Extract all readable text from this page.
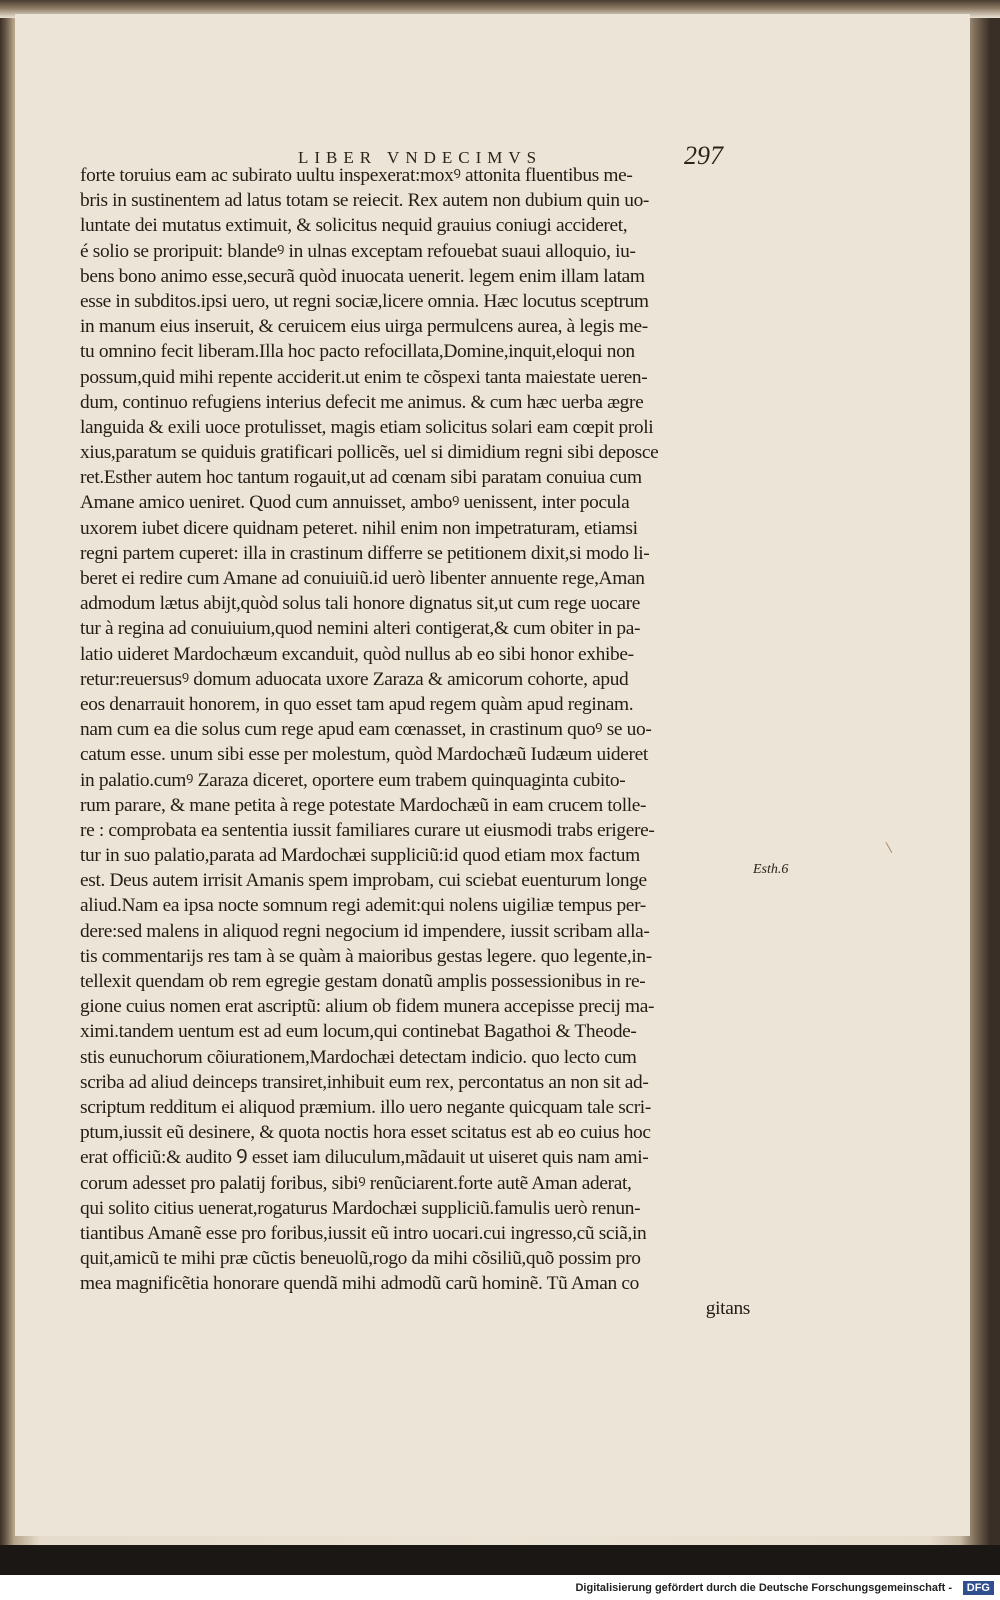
LIBER VNDECIMVS	297
forte toruius eam ac subirato uultu inspexerat:moxꝰ attonita fluentibus me-
bris in sustinentem ad latus totam se reiecit. Rex autem non dubium quin uo-
luntate dei mutatus extimuit, & solicitus nequid grauius coniugi accideret,
é solio se proripuit: blandeꝰ in ulnas exceptam refouebat suaui alloquio, iu-
bens bono animo esse,securã quòd inuocata uenerit. legem enim illam latam
esse in subditos.ipsi uero, ut regni sociæ,licere omnia. Hæc locutus sceptrum
in manum eius inseruit, & ceruicem eius uirga permulcens aurea, à legis me-
tu omnino fecit liberam.Illa hoc pacto refocillata,Domine,inquit,eloqui non
possum,quid mihi repente acciderit.ut enim te cõspexi tanta maiestate ueren-
dum, continuo refugiens interius defecit me animus. & cum hæc uerba ægre
languida & exili uoce protulisset, magis etiam solicitus solari eam cœpit proli
xius,paratum se quiduis gratificari pollicẽs, uel si dimidium regni sibi deposce
ret.Esther autem hoc tantum rogauit,ut ad cœnam sibi paratam conuiua cum
Amane amico ueniret. Quod cum annuisset, amboꝰ uenissent, inter pocula
uxorem iubet dicere quidnam peteret. nihil enim non impetraturam, etiamsi
regni partem cuperet: illa in crastinum differre se petitionem dixit,si modo li-
beret ei redire cum Amane ad conuiuiũ.id uerò libenter annuente rege,Aman
admodum lætus abijt,quòd solus tali honore dignatus sit,ut cum rege uocare
tur à regina ad conuiuium,quod nemini alteri contigerat,& cum obiter in pa-
latio uideret Mardochæum excanduit, quòd nullus ab eo sibi honor exhibe-
retur:reuersusꝰ domum aduocata uxore Zaraza & amicorum cohorte, apud
eos denarrauit honorem, in quo esset tam apud regem quàm apud reginam.
nam cum ea die solus cum rege apud eam cœnasset, in crastinum quoꝰ se uo-
catum esse. unum sibi esse per molestum, quòd Mardochæũ Iudæum uideret
in palatio.cumꝰ Zaraza diceret, oportere eum trabem quinquaginta cubito-
rum parare, & mane petita à rege potestate Mardochæũ in eam crucem tolle-
re : comprobata ea sententia iussit familiares curare ut eiusmodi trabs erigere-
tur in suo palatio,parata ad Mardochæi suppliciũ:id quod etiam mox factum
est. Deus autem irrisit Amanis spem improbam, cui sciebat euenturum longe
aliud.Nam ea ipsa nocte somnum regi ademit:qui nolens uigiliæ tempus per-
dere:sed malens in aliquod regni negocium id impendere, iussit scribam alla-
tis commentarijs res tam à se quàm à maioribus gestas legere. quo legente,in-
tellexit quendam ob rem egregie gestam donatũ amplis possessionibus in re-
gione cuius nomen erat ascriptũ: alium ob fidem munera accepisse precij ma-
ximi.tandem uentum est ad eum locum,qui continebat Bagathoi & Theode-
stis eunuchorum cõiurationem,Mardochæi detectam indicio. quo lecto cum
scriba ad aliud deinceps transiret,inhibuit eum rex, percontatus an non sit ad-
scriptum redditum ei aliquod præmium. illo uero negante quicquam tale scri-
ptum,iussit eũ desinere, & quota noctis hora esset scitatus est ab eo cuius hoc
erat officiũ:& audito Ꝯ esset iam diluculum,mãdauit ut uiseret quis nam ami-
corum adesset pro palatij foribus, sibiꝰ renũciarent.forte autẽ Aman aderat,
qui solito citius uenerat,rogaturus Mardochæi suppliciũ.famulis uerò renun-
tiantibus Amanẽ esse pro foribus,iussit eũ intro uocari.cui ingresso,cũ sciã,in
quit,amicũ te mihi præ cũctis beneuolũ,rogo da mihi cõsiliũ,quõ possim pro
mea magnificẽtia honorare quendã mihi admodũ carũ hominẽ. Tũ Aman co
gitans
Esth.6
Digitalisierung gefördert durch die Deutsche Forschungsgemeinschaft -	DFG
